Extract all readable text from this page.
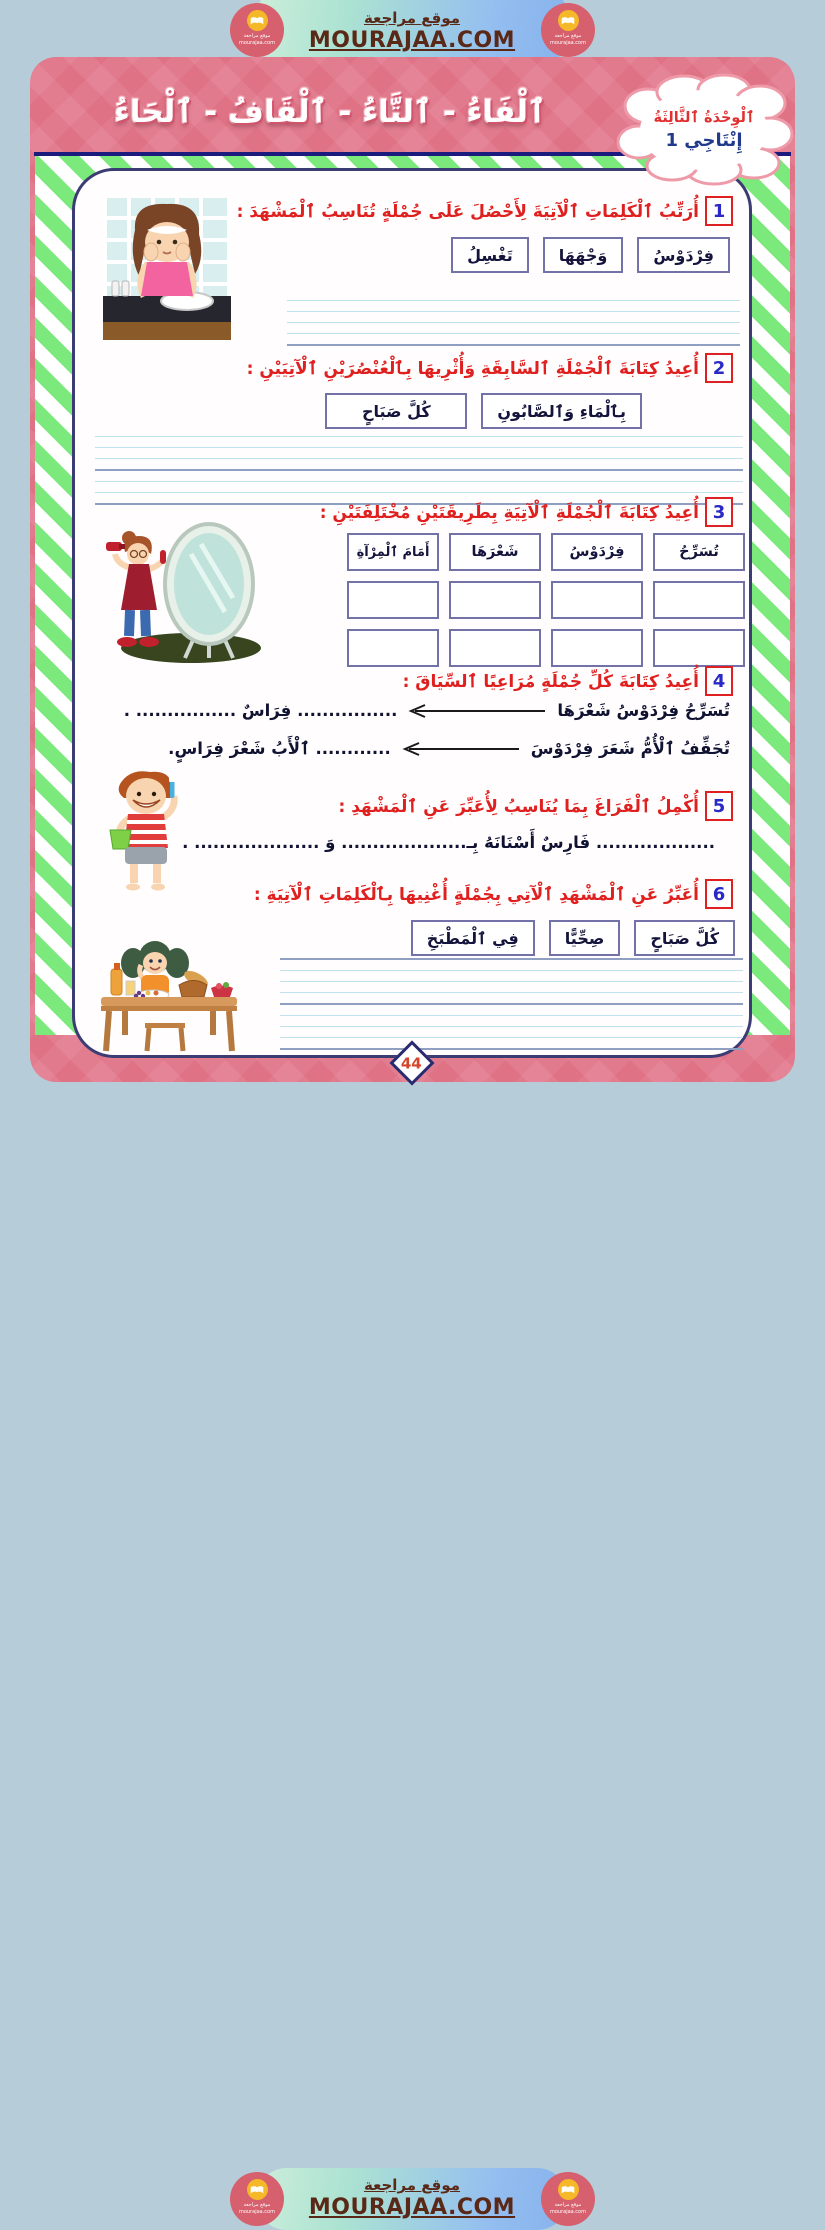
موقع مراجعة
MOURAJAA.COM
موقع مراجعة
mourajaa.com
موقع مراجعة
mourajaa.com
ٱلْفَاءُ - ٱلتَّاءُ - ٱلْقَافُ - ٱلْحَاءُ	ٱلْوِحْدَةُ ٱلثَّالِثَةُ
إِنْتَاجِي 1
1
أُرَتِّبُ ٱلْكَلِمَاتِ ٱلْآتِيَةَ لِأَحْصُلَ عَلَى جُمْلَةٍ تُنَاسِبُ ٱلْمَشْهَدَ :
فِرْدَوْسُ
وَجْهَهَا
تَغْسِلُ
2
أُعِيدُ كِتَابَةَ ٱلْجُمْلَةِ ٱلسَّابِقَةِ وَأُثْرِيهَا بِٱلْعُنْصُرَيْنِ ٱلْآتِيَيْنِ :
بِٱلْمَاءِ وَٱلصَّابُونِ
كُلَّ صَبَاحٍ
3
أُعِيدُ كِتَابَةَ ٱلْجُمْلَةِ ٱلْآتِيَةِ بِطَرِيقَتَيْنِ مُخْتَلِفَتَيْنِ :
تُسَرِّحُ
فِرْدَوْسُ
شَعْرَهَا
أَمَامَ ٱلْمِرْآةِ
4
أُعِيدُ كِتَابَةَ كُلِّ جُمْلَةٍ مُرَاعِيًا ٱلسِّيَاقَ :
تُسَرِّحُ فِرْدَوْسُ شَعْرَهَا
................ فِرَاسٌ ................ .
تُجَفِّفُ ٱلْأُمُّ شَعَرَ فِرْدَوْسَ
............ ٱلْأَبُ شَعْرَ فِرَاسٍ.
5
أُكْمِلُ ٱلْفَرَاغَ بِمَا يُنَاسِبُ لِأُعَبِّرَ عَنِ ٱلْمَشْهَدِ :
................... فَارِسٌ أَسْنَانَهُ بِـ.................... وَ .................... .
6
أُعَبِّرُ عَنِ ٱلْمَشْهَدِ ٱلْآتِي بِجُمْلَةٍ أُغْنِيهَا بِٱلْكَلِمَاتِ ٱلْآتِيَةِ :
كُلَّ صَبَاحٍ
صِحِّيًّا
فِي ٱلْمَطْبَخِ
44
موقع مراجعة
MOURAJAA.COM
موقع مراجعة
mourajaa.com
موقع مراجعة
mourajaa.com
